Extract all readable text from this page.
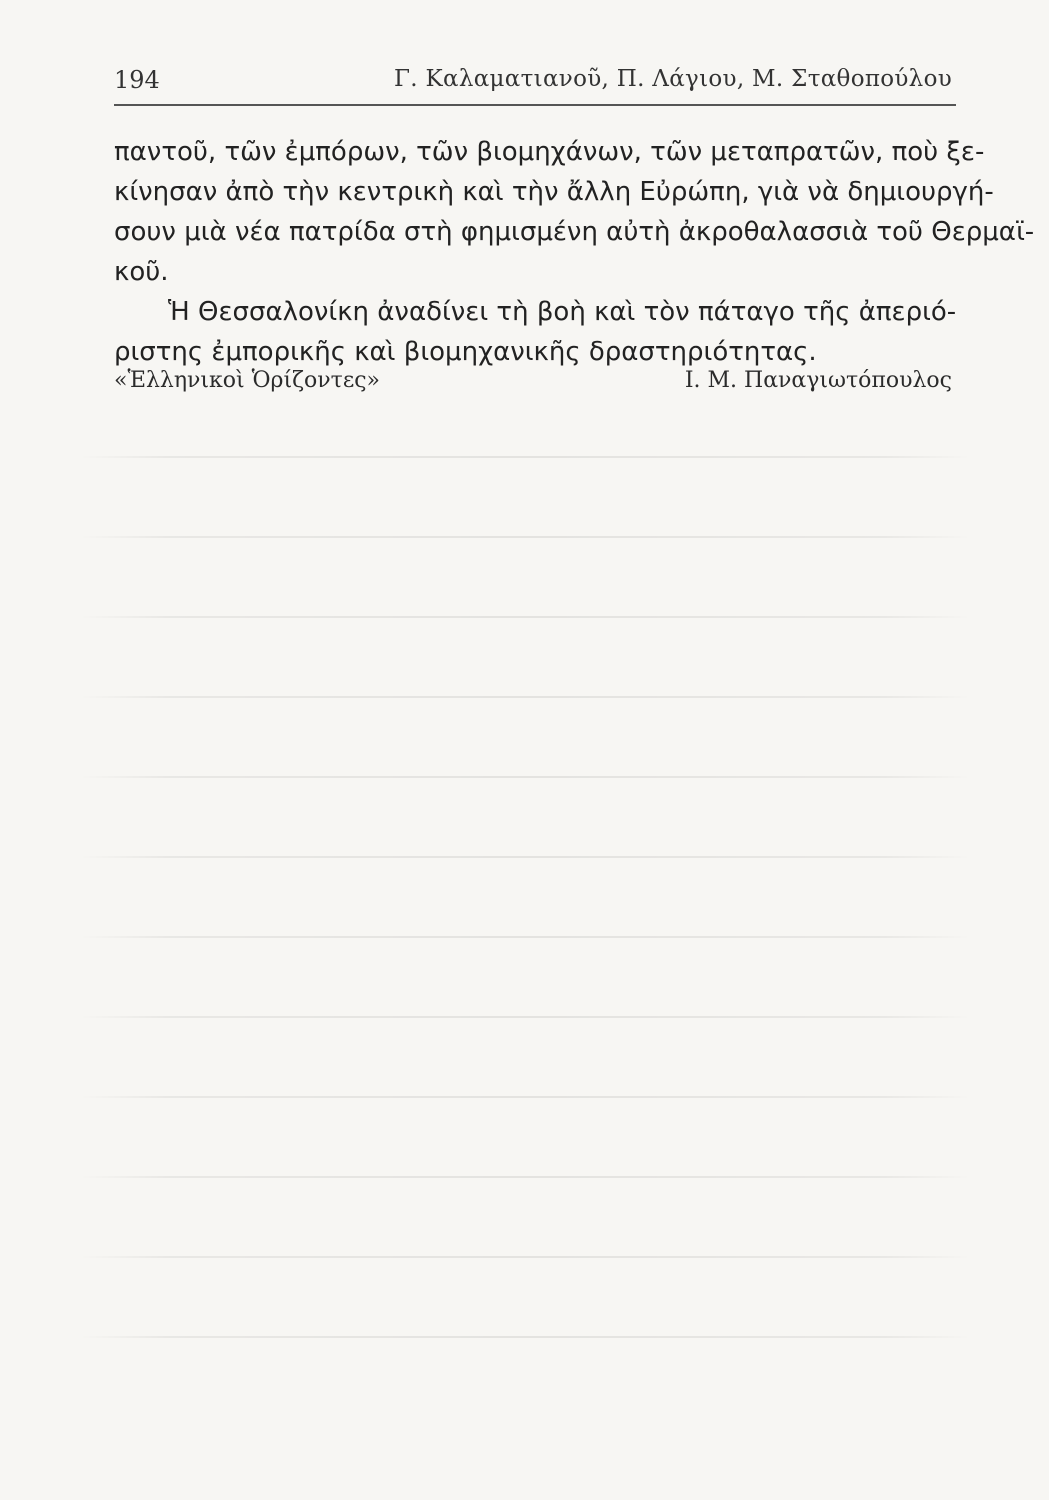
194	Γ. Καλαματιανοῦ, Π. Λάγιου, Μ. Σταθοπούλου

παντοῦ, τῶν ἐμπόρων, τῶν βιομηχάνων, τῶν μεταπρατῶν, ποὺ ξε-
κίνησαν ἀπὸ τὴν κεντρικὴ καὶ τὴν ἄλλη Εὐρώπη, γιὰ νὰ δημιουργή-
σουν μιὰ νέα πατρίδα στὴ φημισμένη αὐτὴ ἀκροθαλασσιὰ τοῦ Θερμαϊ-
κοῦ.

Ἡ Θεσσαλονίκη ἀναδίνει τὴ βοὴ καὶ τὸν πάταγο τῆς ἀπεριό-
ριστης ἐμπορικῆς καὶ βιομηχανικῆς δραστηριότητας.

«Ἑλληνικοὶ Ὁρίζοντες»	Ι. Μ. Παναγιωτόπουλος
